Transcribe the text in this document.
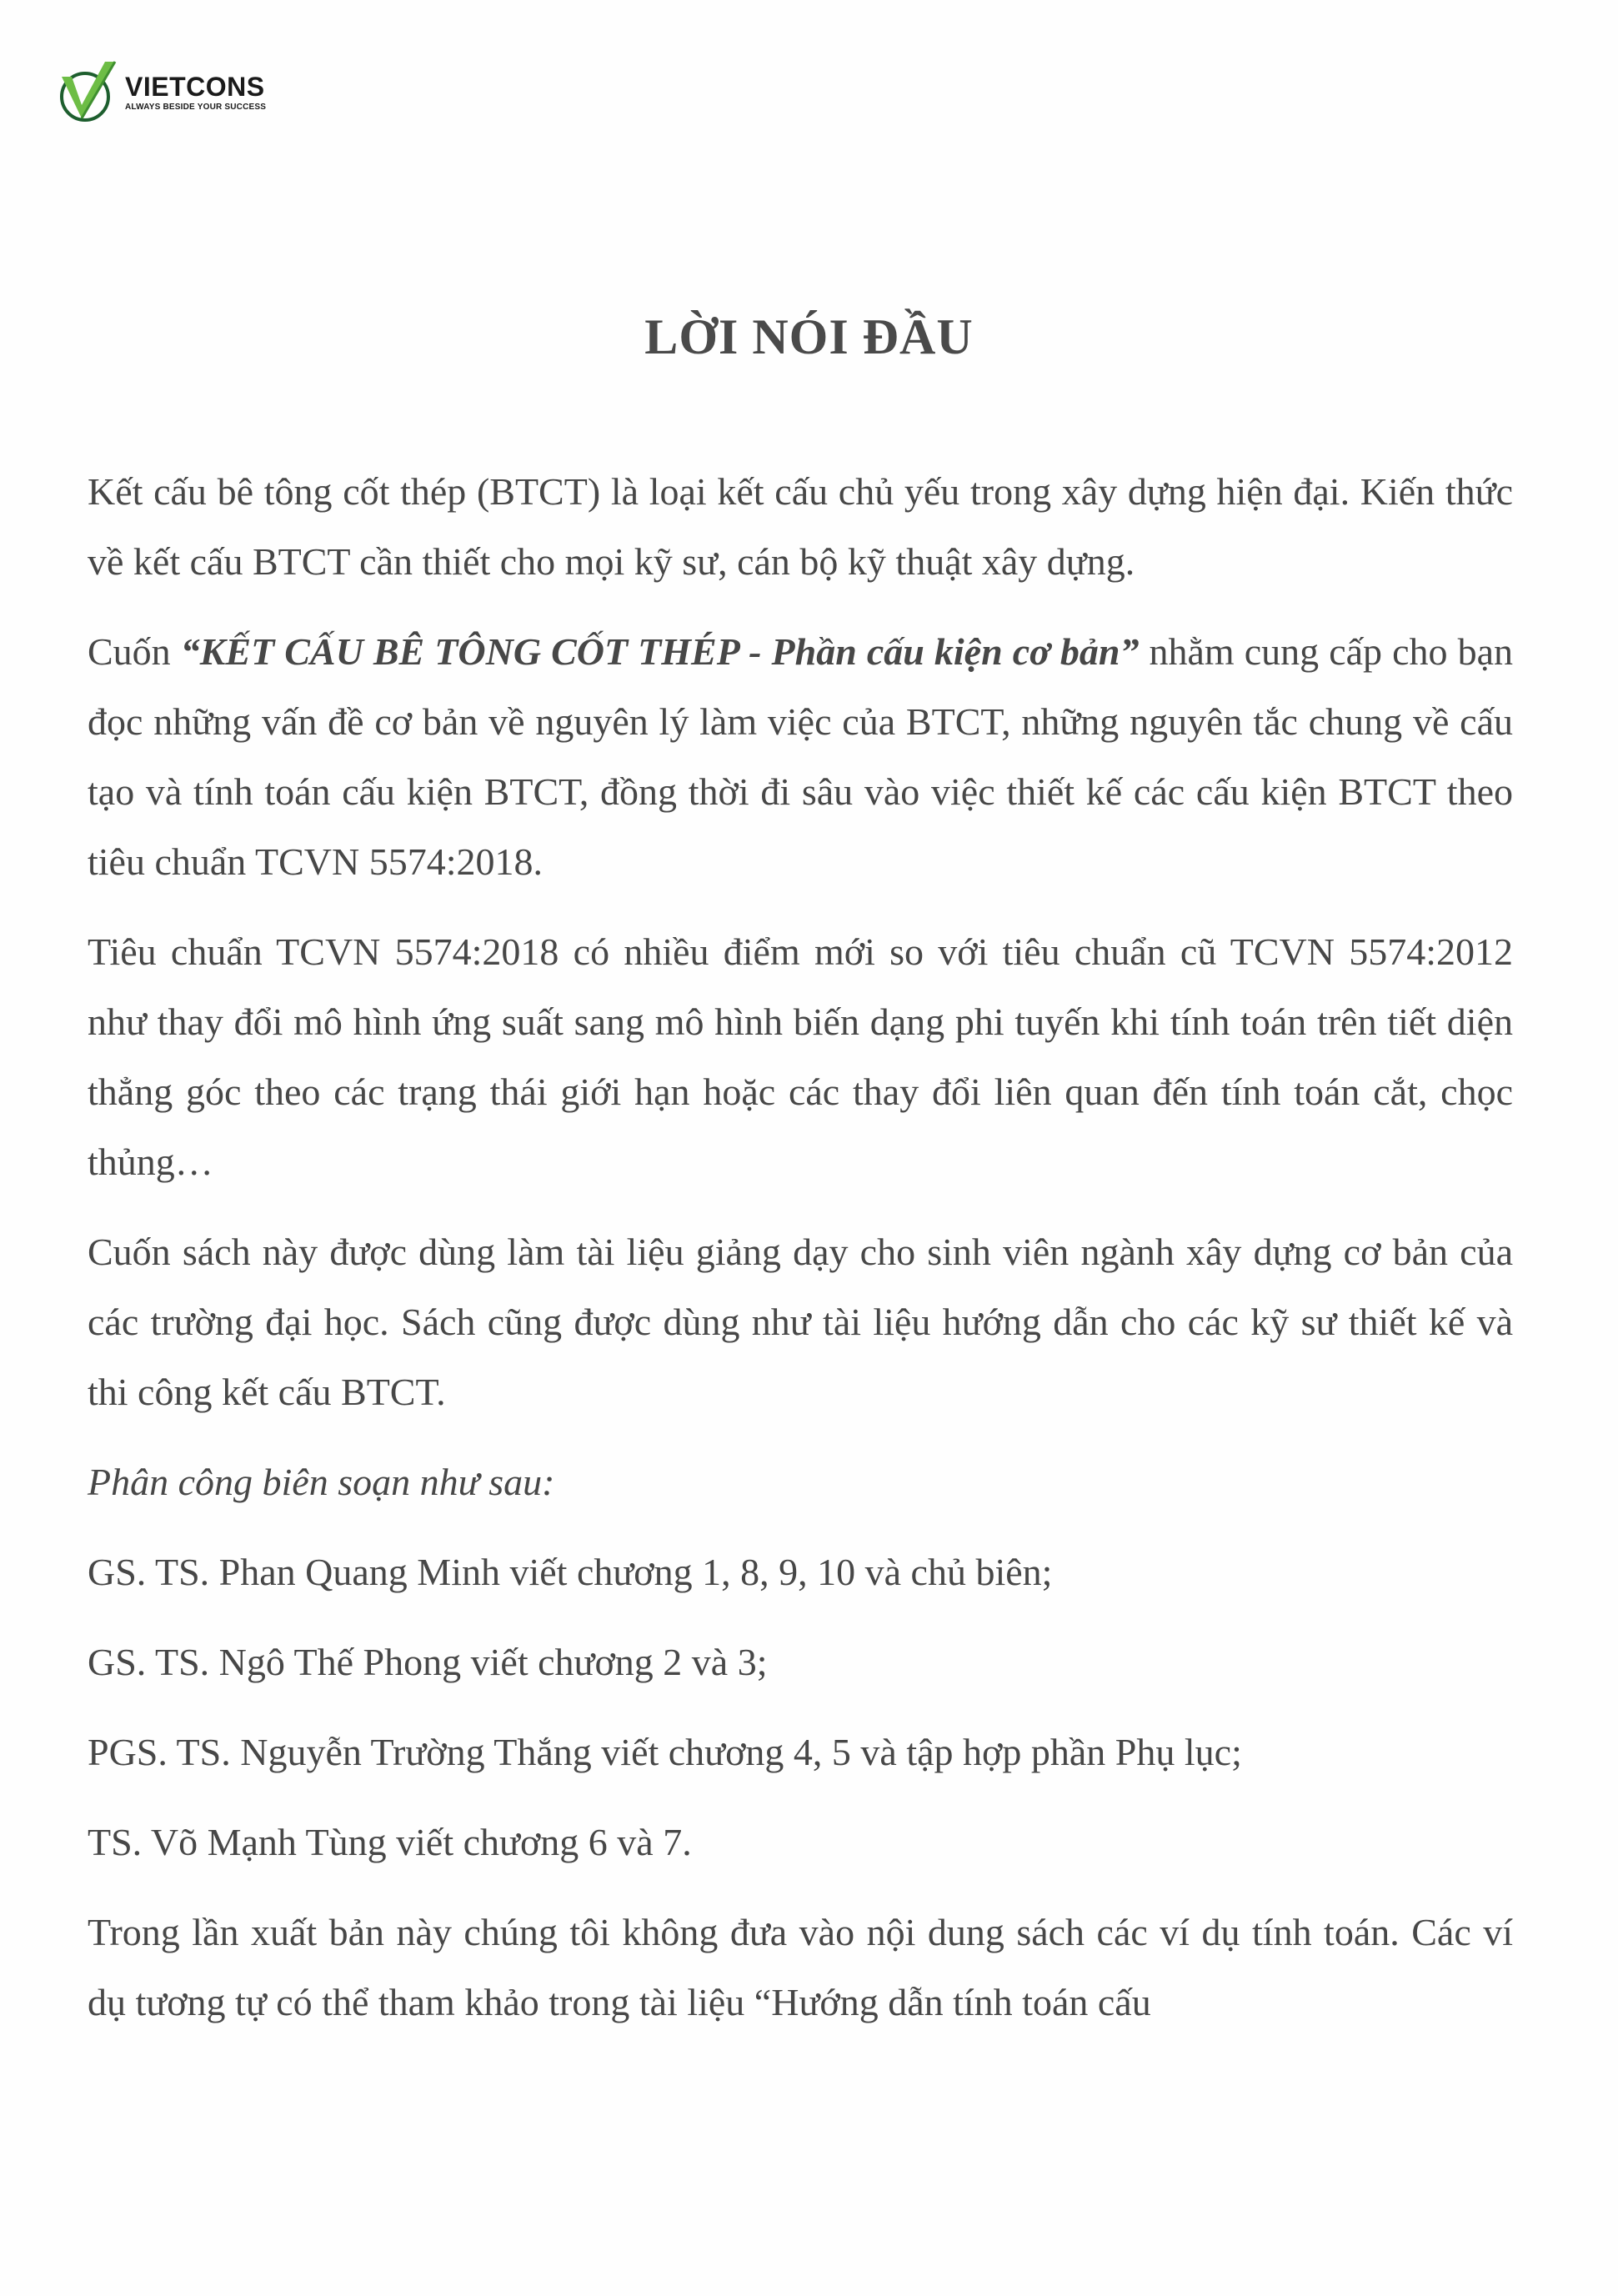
VIETCONS
ALWAYS BESIDE YOUR SUCCESS
LỜI NÓI ĐẦU

Kết cấu bê tông cốt thép (BTCT) là loại kết cấu chủ yếu trong xây dựng hiện đại. Kiến thức về kết cấu BTCT cần thiết cho mọi kỹ sư, cán bộ kỹ thuật xây dựng.

Cuốn “KẾT CẤU BÊ TÔNG CỐT THÉP - Phần cấu kiện cơ bản” nhằm cung cấp cho bạn đọc những vấn đề cơ bản về nguyên lý làm việc của BTCT, những nguyên tắc chung về cấu tạo và tính toán cấu kiện BTCT, đồng thời đi sâu vào việc thiết kế các cấu kiện BTCT theo tiêu chuẩn TCVN 5574:2018.

Tiêu chuẩn TCVN 5574:2018 có nhiều điểm mới so với tiêu chuẩn cũ TCVN 5574:2012 như thay đổi mô hình ứng suất sang mô hình biến dạng phi tuyến khi tính toán trên tiết diện thẳng góc theo các trạng thái giới hạn hoặc các thay đổi liên quan đến tính toán cắt, chọc thủng…

Cuốn sách này được dùng làm tài liệu giảng dạy cho sinh viên ngành xây dựng cơ bản của các trường đại học. Sách cũng được dùng như tài liệu hướng dẫn cho các kỹ sư thiết kế và thi công kết cấu BTCT.

Phân công biên soạn như sau:

GS. TS. Phan Quang Minh viết chương 1, 8, 9, 10 và chủ biên;

GS. TS. Ngô Thế Phong viết chương 2 và 3;

PGS. TS. Nguyễn Trường Thắng viết chương 4, 5 và tập hợp phần Phụ lục;

TS. Võ Mạnh Tùng viết chương 6 và 7.

Trong lần xuất bản này chúng tôi không đưa vào nội dung sách các ví dụ tính toán. Các ví dụ tương tự có thể tham khảo trong tài liệu “Hướng dẫn tính toán cấu
